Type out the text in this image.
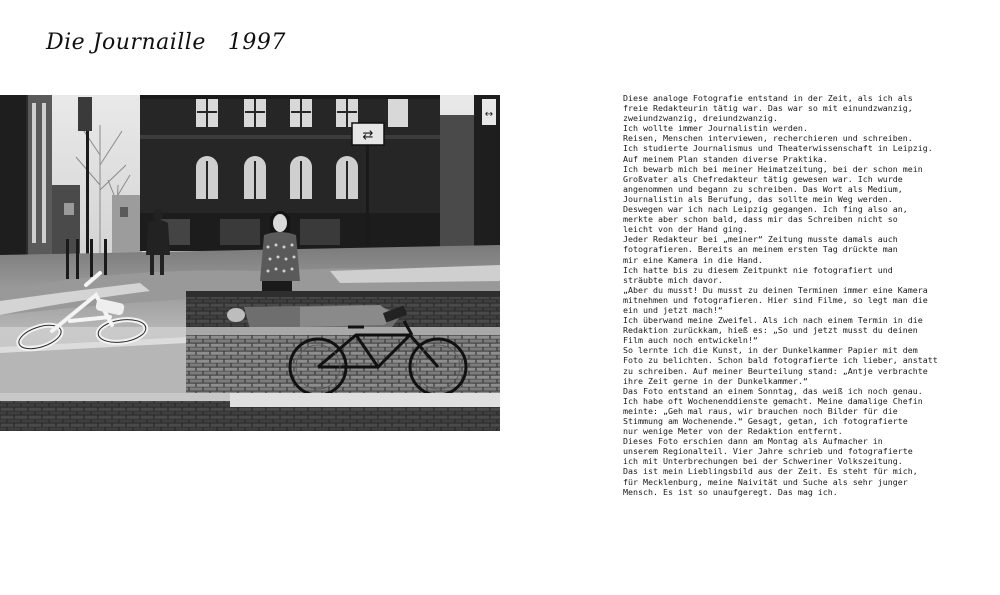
Die Journaille 1997
↔
⇄
Diese analoge Fotografie entstand in der Zeit, als ich als
freie Redakteurin tätig war. Das war so mit einundzwanzig,
zweiundzwanzig, dreiundzwanzig.
Ich wollte immer Journalistin werden.
Reisen, Menschen interviewen, recherchieren und schreiben.
Ich studierte Journalismus und Theaterwissenschaft in Leipzig.
Auf meinem Plan standen diverse Praktika.
Ich bewarb mich bei meiner Heimatzeitung, bei der schon mein
Großvater als Chefredakteur tätig gewesen war. Ich wurde
angenommen und begann zu schreiben. Das Wort als Medium,
Journalistin als Berufung, das sollte mein Weg werden.
Deswegen war ich nach Leipzig gegangen. Ich fing also an,
merkte aber schon bald, dass mir das Schreiben nicht so
leicht von der Hand ging.
Jeder Redakteur bei „meiner“ Zeitung musste damals auch
fotografieren. Bereits an meinem ersten Tag drückte man
mir eine Kamera in die Hand.
Ich hatte bis zu diesem Zeitpunkt nie fotografiert und
sträubte mich davor.
„Aber du musst! Du musst zu deinen Terminen immer eine Kamera
mitnehmen und fotografieren. Hier sind Filme, so legt man die
ein und jetzt mach!“
Ich überwand meine Zweifel. Als ich nach einem Termin in die
Redaktion zurückkam, hieß es: „So und jetzt musst du deinen
Film auch noch entwickeln!“
So lernte ich die Kunst, in der Dunkelkammer Papier mit dem
Foto zu belichten. Schon bald fotografierte ich lieber, anstatt
zu schreiben. Auf meiner Beurteilung stand: „Antje verbrachte
ihre Zeit gerne in der Dunkelkammer.“
Das Foto entstand an einem Sonntag, das weiß ich noch genau.
Ich habe oft Wochenenddienste gemacht. Meine damalige Chefin
meinte: „Geh mal raus, wir brauchen noch Bilder für die
Stimmung am Wochenende.“ Gesagt, getan, ich fotografierte
nur wenige Meter von der Redaktion entfernt.
Dieses Foto erschien dann am Montag als Aufmacher in
unserem Regionalteil. Vier Jahre schrieb und fotografierte
ich mit Unterbrechungen bei der Schweriner Volkszeitung.
Das ist mein Lieblingsbild aus der Zeit. Es steht für mich,
für Mecklenburg, meine Naivität und Suche als sehr junger
Mensch. Es ist so unaufgeregt. Das mag ich.
